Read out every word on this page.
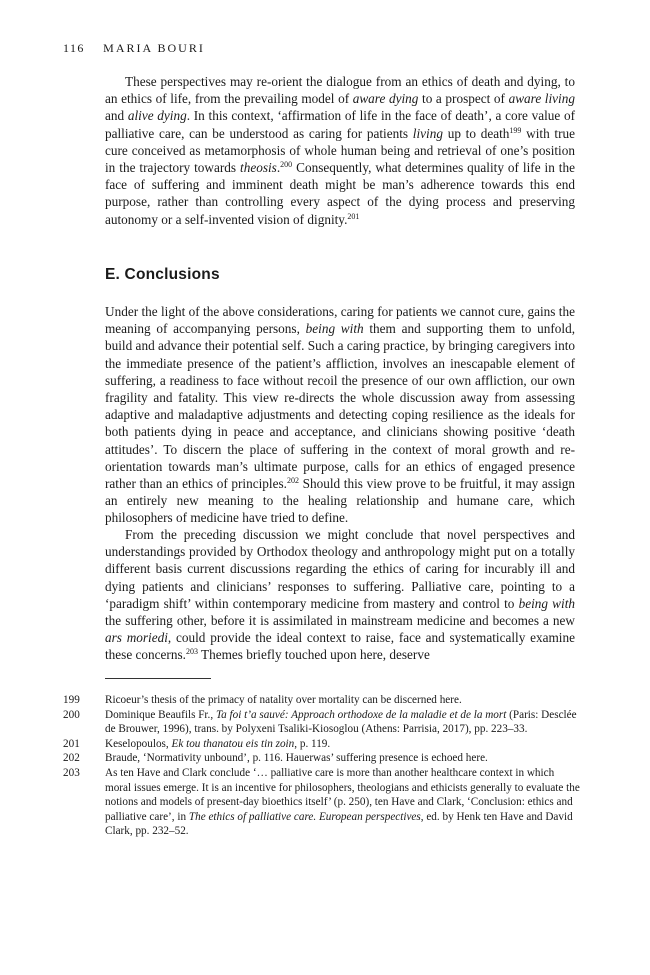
116 MARIA BOURI

These perspectives may re-orient the dialogue from an ethics of death and dying, to an ethics of life, from the prevailing model of aware dying to a prospect of aware living and alive dying. In this context, ‘affirmation of life in the face of death’, a core value of palliative care, can be understood as caring for patients living up to death$^{199}$ with true cure conceived as metamorphosis of whole human being and retrieval of one’s position in the trajectory towards theosis.$^{200}$ Consequently, what determines quality of life in the face of suffering and imminent death might be man’s adherence towards this end purpose, rather than controlling every aspect of the dying process and preserving autonomy or a self-invented vision of dignity.$^{201}$

E. Conclusions

Under the light of the above considerations, caring for patients we cannot cure, gains the meaning of accompanying persons, being with them and supporting them to unfold, build and advance their potential self. Such a caring practice, by bringing caregivers into the immediate presence of the patient’s affliction, involves an inescapable element of suffering, a readiness to face without recoil the presence of our own affliction, our own fragility and fatality. This view re-directs the whole discussion away from assessing adaptive and maladaptive adjustments and detecting coping resilience as the ideals for both patients dying in peace and acceptance, and clinicians showing positive ‘death attitudes’. To discern the place of suffering in the context of moral growth and re-orientation towards man’s ultimate purpose, calls for an ethics of engaged presence rather than an ethics of principles.$^{202}$ Should this view prove to be fruitful, it may assign an entirely new meaning to the healing relationship and humane care, which philosophers of medicine have tried to define.

From the preceding discussion we might conclude that novel perspectives and understandings provided by Orthodox theology and anthropology might put on a totally different basis current discussions regarding the ethics of caring for incurably ill and dying patients and clinicians’ responses to suffering. Palliative care, pointing to a ‘paradigm shift’ within contemporary medicine from mastery and control to being with the suffering other, before it is assimilated in mainstream medicine and becomes a new ars moriedi, could provide the ideal context to raise, face and systematically examine these concerns.$^{203}$ Themes briefly touched upon here, deserve

199	Ricoeur’s thesis of the primacy of natality over mortality can be discerned here.
200	Dominique Beaufils Fr., Ta foi t’a sauvé: Approach orthodoxe de la maladie et de la mort (Paris: Desclée de Brouwer, 1996), trans. by Polyxeni Tsaliki-Kiosoglou (Athens: Parrisia, 2017), pp. 223–33.
201	Keselopoulos, Ek tou thanatou eis tin zoin, p. 119.
202	Braude, ‘Normativity unbound’, p. 116. Hauerwas’ suffering presence is echoed here.
203	As ten Have and Clark conclude ‘… palliative care is more than another healthcare context in which moral issues emerge. It is an incentive for philosophers, theologians and ethicists generally to evaluate the notions and models of present-day bioethics itself’ (p. 250), ten Have and Clark, ‘Conclusion: ethics and palliative care’, in The ethics of palliative care. European perspectives, ed. by Henk ten Have and David Clark, pp. 232–52.
